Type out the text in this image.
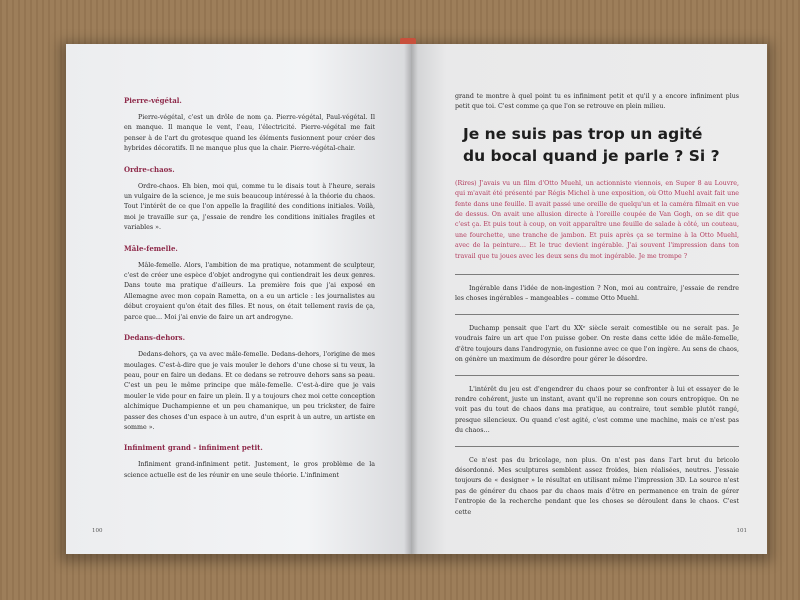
Pierre-végétal.

Pierre-végétal, c'est un drôle de nom ça. Pierre-végétal, Paul-végétal. Il en manque. Il manque le vent, l'eau, l'électricité. Pierre-végétal me fait penser à de l'art du grotesque quand les éléments fusionnent pour créer des hybrides décoratifs. Il ne manque plus que la chair. Pierre-végétal-chair.

Ordre-chaos.

Ordre-chaos. Eh bien, moi qui, comme tu le disais tout à l'heure, serais un vulgaire de la science, je me suis beaucoup intéressé à la théorie du chaos. Tout l'intérêt de ce que l'on appelle la fragilité des conditions initiales. Voilà, moi je travaille sur ça, j'essaie de rendre les conditions initiales fragiles et variables ».

Mâle-femelle.

Mâle-femelle. Alors, l'ambition de ma pratique, notamment de sculpteur, c'est de créer une espèce d'objet androgyne qui contiendrait les deux genres. Dans toute ma pratique d'ailleurs. La première fois que j'ai exposé en Allemagne avec mon copain Rametta, on a eu un article : les journalistes au début croyaient qu'on était des filles. Et nous, on était tellement ravis de ça, parce que… Moi j'ai envie de faire un art androgyne.

Dedans-dehors.

Dedans-dehors, ça va avec mâle-femelle. Dedans-dehors, l'origine de mes moulages. C'est-à-dire que je vais mouler le dehors d'une chose si tu veux, la peau, pour en faire un dedans. Et ce dedans se retrouve dehors sans sa peau. C'est un peu le même principe que mâle-femelle. C'est-à-dire que je vais mouler le vide pour en faire un plein. Il y a toujours chez moi cette conception alchimique Duchampienne et un peu chamanique, un peu trickster, de faire passer des choses d'un espace à un autre, d'un esprit à un autre, un artiste en somme ».

Infiniment grand - infiniment petit.

Infiniment grand-infiniment petit. Justement, le gros problème de la science actuelle est de les réunir en une seule théorie. L'infiniment

100

grand te montre à quel point tu es infiniment petit et qu'il y a encore infiniment plus petit que toi. C'est comme ça que l'on se retrouve en plein milieu.

Je ne suis pas trop un agité
du bocal quand je parle ? Si ?

(Rires) J'avais vu un film d'Otto Muehl, un actionniste viennois, en Super 8 au Louvre, qui m'avait été présenté par Régis Michel à une exposition, où Otto Muehl avait fait une fente dans une feuille. Il avait passé une oreille de quelqu'un et la caméra filmait en vue de dessus. On avait une allusion directe à l'oreille coupée de Van Gogh, on se dit que c'est ça. Et puis tout à coup, on voit apparaître une feuille de salade à côté, un couteau, une fourchette, une tranche de jambon. Et puis après ça se termine à la Otto Muehl, avec de la peinture… Et le truc devient ingérable. J'ai souvent l'impression dans ton travail que tu joues avec les deux sens du mot ingérable. Je me trompe ?

Ingérable dans l'idée de non-ingestion ? Non, moi au contraire, j'essaie de rendre les choses ingérables – mangeables – comme Otto Muehl.

Duchamp pensait que l'art du XXᵉ siècle serait comestible ou ne serait pas. Je voudrais faire un art que l'on puisse gober. On reste dans cette idée de mâle-femelle, d'être toujours dans l'androgynie, on fusionne avec ce que l'on ingère. Au sens de chaos, on génère un maximum de désordre pour gérer le désordre.

L'intérêt du jeu est d'engendrer du chaos pour se confronter à lui et essayer de le rendre cohérent, juste un instant, avant qu'il ne reprenne son cours entropique. On ne voit pas du tout de chaos dans ma pratique, au contraire, tout semble plutôt rangé, presque silencieux. Ou quand c'est agité, c'est comme une machine, mais ce n'est pas du chaos…

Ce n'est pas du bricolage, non plus. On n'est pas dans l'art brut du bricolo désordonné. Mes sculptures semblent assez froides, bien réalisées, neutres. J'essaie toujours de « designer » le résultat en utilisant même l'impression 3D. La source n'est pas de générer du chaos par du chaos mais d'être en permanence en train de gérer l'entropie de la recherche pendant que les choses se déroulent dans le chaos. C'est cette

101
